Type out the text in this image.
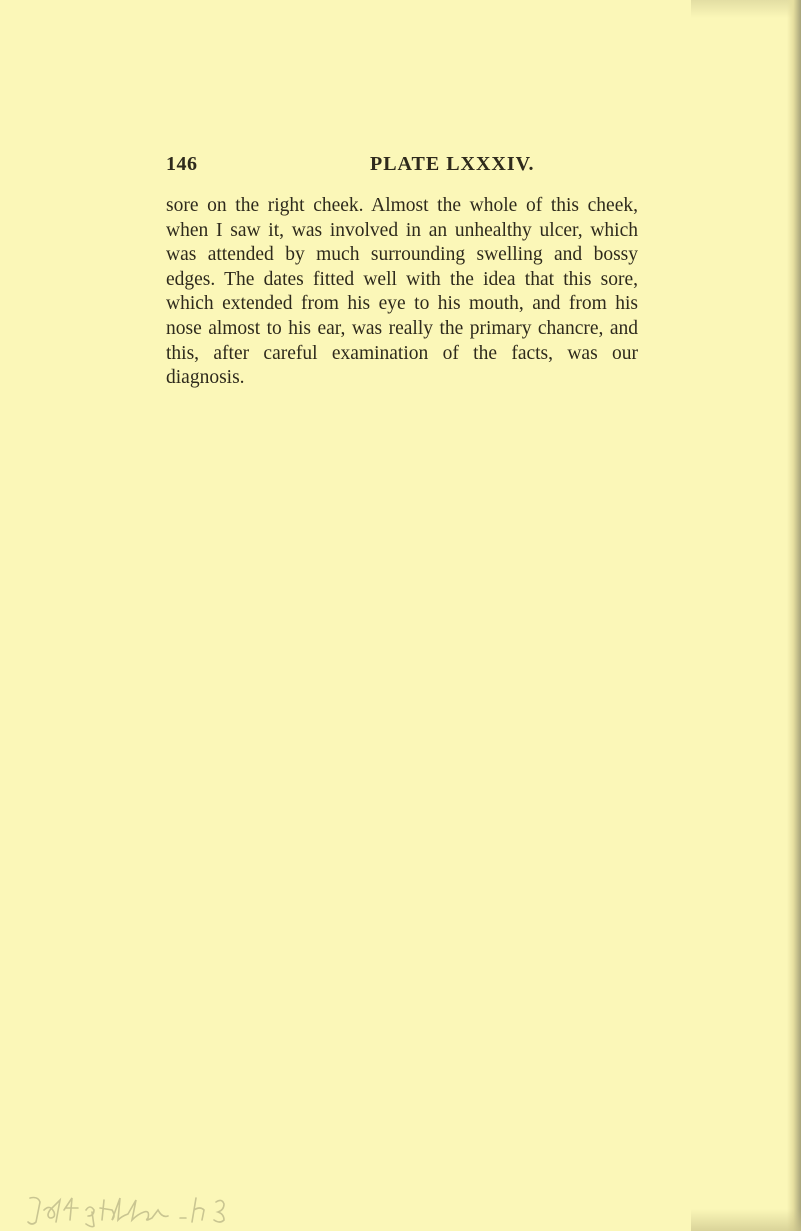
146	PLATE LXXXIV.

sore on the right cheek. Almost the whole of this cheek, when I saw it, was involved in an unhealthy ulcer, which was attended by much surrounding swelling and bossy edges. The dates fitted well with the idea that this sore, which extended from his eye to his mouth, and from his nose almost to his ear, was really the primary chancre, and this, after careful examination of the facts, was our diagnosis.
